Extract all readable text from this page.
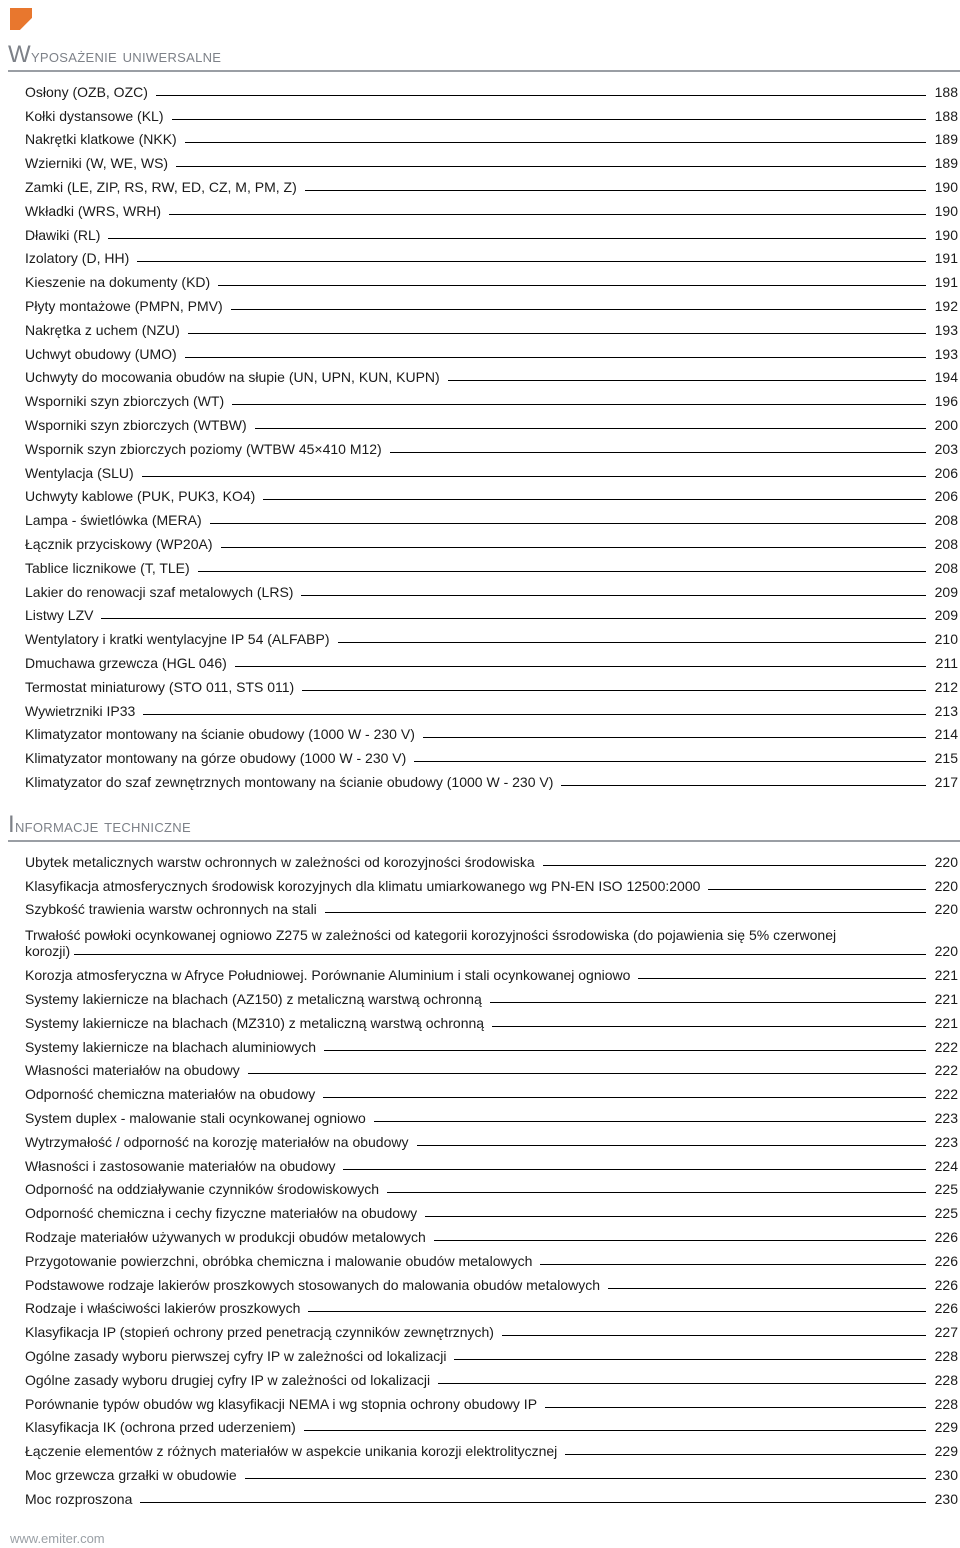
Wyposażenie uniwersalne
Osłony (OZB, OZC)	188
Kołki dystansowe (KL)	188
Nakrętki klatkowe (NKK)	189
Wzierniki (W, WE, WS)	189
Zamki (LE, ZIP, RS, RW, ED, CZ, M, PM, Z)	190
Wkładki (WRS, WRH)	190
Dławiki (RL)	190
Izolatory (D, HH)	191
Kieszenie na dokumenty (KD)	191
Płyty montażowe (PMPN, PMV)	192
Nakrętka z uchem (NZU)	193
Uchwyt obudowy (UMO)	193
Uchwyty do mocowania obudów na słupie (UN, UPN, KUN, KUPN)	194
Wsporniki szyn zbiorczych (WT)	196
Wsporniki szyn zbiorczych (WTBW)	200
Wspornik szyn zbiorczych poziomy (WTBW 45×410 M12)	203
Wentylacja (SLU)	206
Uchwyty kablowe (PUK, PUK3, KO4)	206
Lampa - świetlówka (MERA)	208
Łącznik przyciskowy (WP20A)	208
Tablice licznikowe (T, TLE)	208
Lakier do renowacji szaf metalowych (LRS)	209
Listwy LZV	209
Wentylatory i kratki wentylacyjne IP 54 (ALFABP)	210
Dmuchawa grzewcza (HGL 046)	211
Termostat miniaturowy (STO 011, STS 011)	212
Wywietrzniki IP33	213
Klimatyzator montowany na ścianie obudowy (1000 W - 230 V)	214
Klimatyzator montowany na górze obudowy (1000 W - 230 V)	215
Klimatyzator do szaf zewnętrznych montowany na ścianie obudowy (1000 W - 230 V)	217
Informacje techniczne
Ubytek metalicznych warstw ochronnych w zależności od korozyjności środowiska	220
Klasyfikacja atmosferycznych środowisk korozyjnych dla klimatu umiarkowanego wg PN-EN ISO 12500:2000	220
Szybkość trawienia warstw ochronnych na stali	220
Trwałość powłoki ocynkowanej ogniowo Z275 w zależności od kategorii korozyjności śsrodowiska (do pojawienia się 5% czerwonej
korozji)	220
Korozja atmosferyczna w Afryce Południowej. Porównanie Aluminium i stali ocynkowanej ogniowo	221
Systemy lakiernicze na blachach (AZ150) z metaliczną warstwą ochronną	221
Systemy lakiernicze na blachach (MZ310) z metaliczną warstwą ochronną	221
Systemy lakiernicze na blachach aluminiowych	222
Własności materiałów na obudowy	222
Odporność chemiczna materiałów na obudowy	222
System duplex - malowanie stali ocynkowanej ogniowo	223
Wytrzymałość / odporność na korozję materiałów na obudowy	223
Własności i zastosowanie materiałów na obudowy	224
Odporność na oddziaływanie czynników środowiskowych	225
Odporność chemiczna i cechy fizyczne materiałów na obudowy	225
Rodzaje materiałów używanych w produkcji obudów metalowych	226
Przygotowanie powierzchni, obróbka chemiczna i malowanie obudów metalowych	226
Podstawowe rodzaje lakierów proszkowych stosowanych do malowania obudów metalowych	226
Rodzaje i właściwości lakierów proszkowych	226
Klasyfikacja IP (stopień ochrony przed penetracją czynników zewnętrznych)	227
Ogólne zasady wyboru pierwszej cyfry IP w zależności od lokalizacji	228
Ogólne zasady wyboru drugiej cyfry IP w zależności od lokalizacji	228
Porównanie typów obudów wg klasyfikacji NEMA i wg stopnia ochrony obudowy IP	228
Klasyfikacja IK (ochrona przed uderzeniem)	229
Łączenie elementów z różnych materiałów w aspekcie unikania korozji elektrolitycznej	229
Moc grzewcza grzałki w obudowie	230
Moc rozproszona	230
www.emiter.com
